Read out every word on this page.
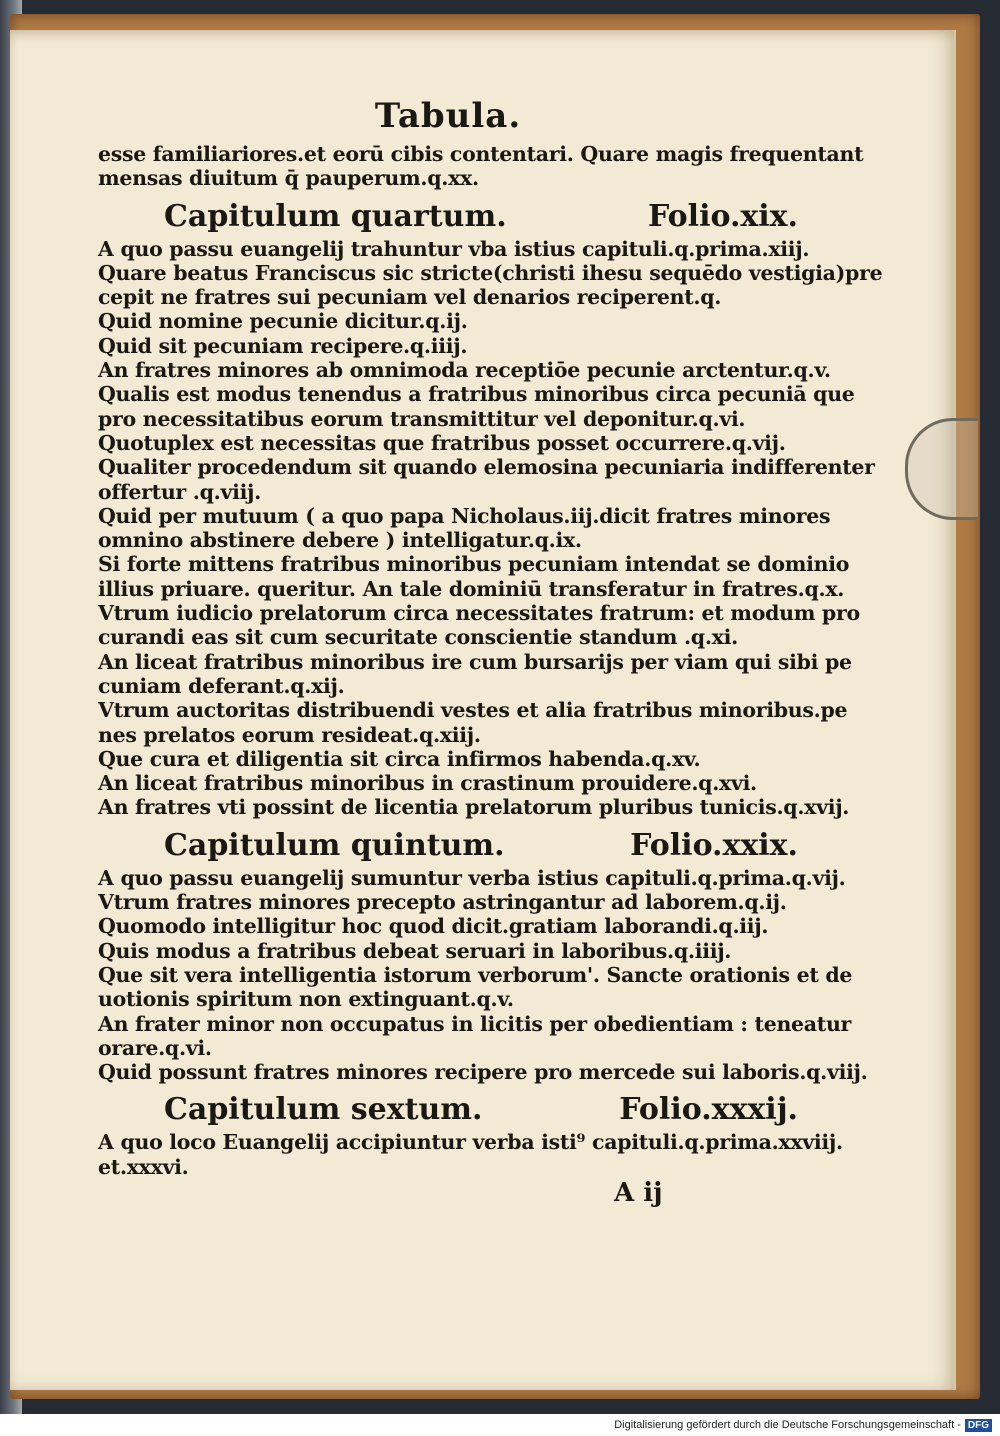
Tabula.
esse familiariores.et eorū cibis contentari. Quare magis frequentant
mensas diuitum q̄ pauperum.q.xx.
Capitulum quartum.	Folio.xix.
A quo passu euangelij trahuntur vba istius capituli.q.prima.xiij.
Quare beatus Franciscus sic stricte(christi ihesu sequēdo vestigia)pre
cepit ne fratres sui pecuniam vel denarios reciperent.q.
Quid nomine pecunie dicitur.q.ij.
Quid sit pecuniam recipere.q.iiij.
An fratres minores ab omnimoda receptiōe pecunie arctentur.q.v.
Qualis est modus tenendus a fratribus minoribus circa pecuniā que
pro necessitatibus eorum transmittitur vel deponitur.q.vi.
Quotuplex est necessitas que fratribus posset occurrere.q.vij.
Qualiter procedendum sit quando elemosina pecuniaria indifferenter
offertur .q.viij.
Quid per mutuum ( a quo papa Nicholaus.iij.dicit fratres minores
omnino abstinere debere ) intelligatur.q.ix.
Si forte mittens fratribus minoribus pecuniam intendat se dominio
illius priuare. queritur. An tale dominiū transferatur in fratres.q.x.
Vtrum iudicio prelatorum circa necessitates fratrum: et modum pro
curandi eas sit cum securitate conscientie standum .q.xi.
An liceat fratribus minoribus ire cum bursarijs per viam qui sibi pe
cuniam deferant.q.xij.
Vtrum auctoritas distribuendi vestes et alia fratribus minoribus.pe
nes prelatos eorum resideat.q.xiij.
Que cura et diligentia sit circa infirmos habenda.q.xv.
An liceat fratribus minoribus in crastinum prouidere.q.xvi.
An fratres vti possint de licentia prelatorum pluribus tunicis.q.xvij.
Capitulum quintum.	Folio.xxix.
A quo passu euangelij sumuntur verba istius capituli.q.prima.q.vij.
Vtrum fratres minores precepto astringantur ad laborem.q.ij.
Quomodo intelligitur hoc quod dicit.gratiam laborandi.q.iij.
Quis modus a fratribus debeat seruari in laboribus.q.iiij.
Que sit vera intelligentia istorum verborum'. Sancte orationis et de
uotionis spiritum non extinguant.q.v.
An frater minor non occupatus in licitis per obedientiam : teneatur
orare.q.vi.
Quid possunt fratres minores recipere pro mercede sui laboris.q.viij.
Capitulum sextum.	Folio.xxxij.
A quo loco Euangelij accipiuntur verba isti⁹ capituli.q.prima.xxviij.
et.xxxvi.
A ij
Digitalisierung gefördert durch die Deutsche Forschungsgemeinschaft - DFG
